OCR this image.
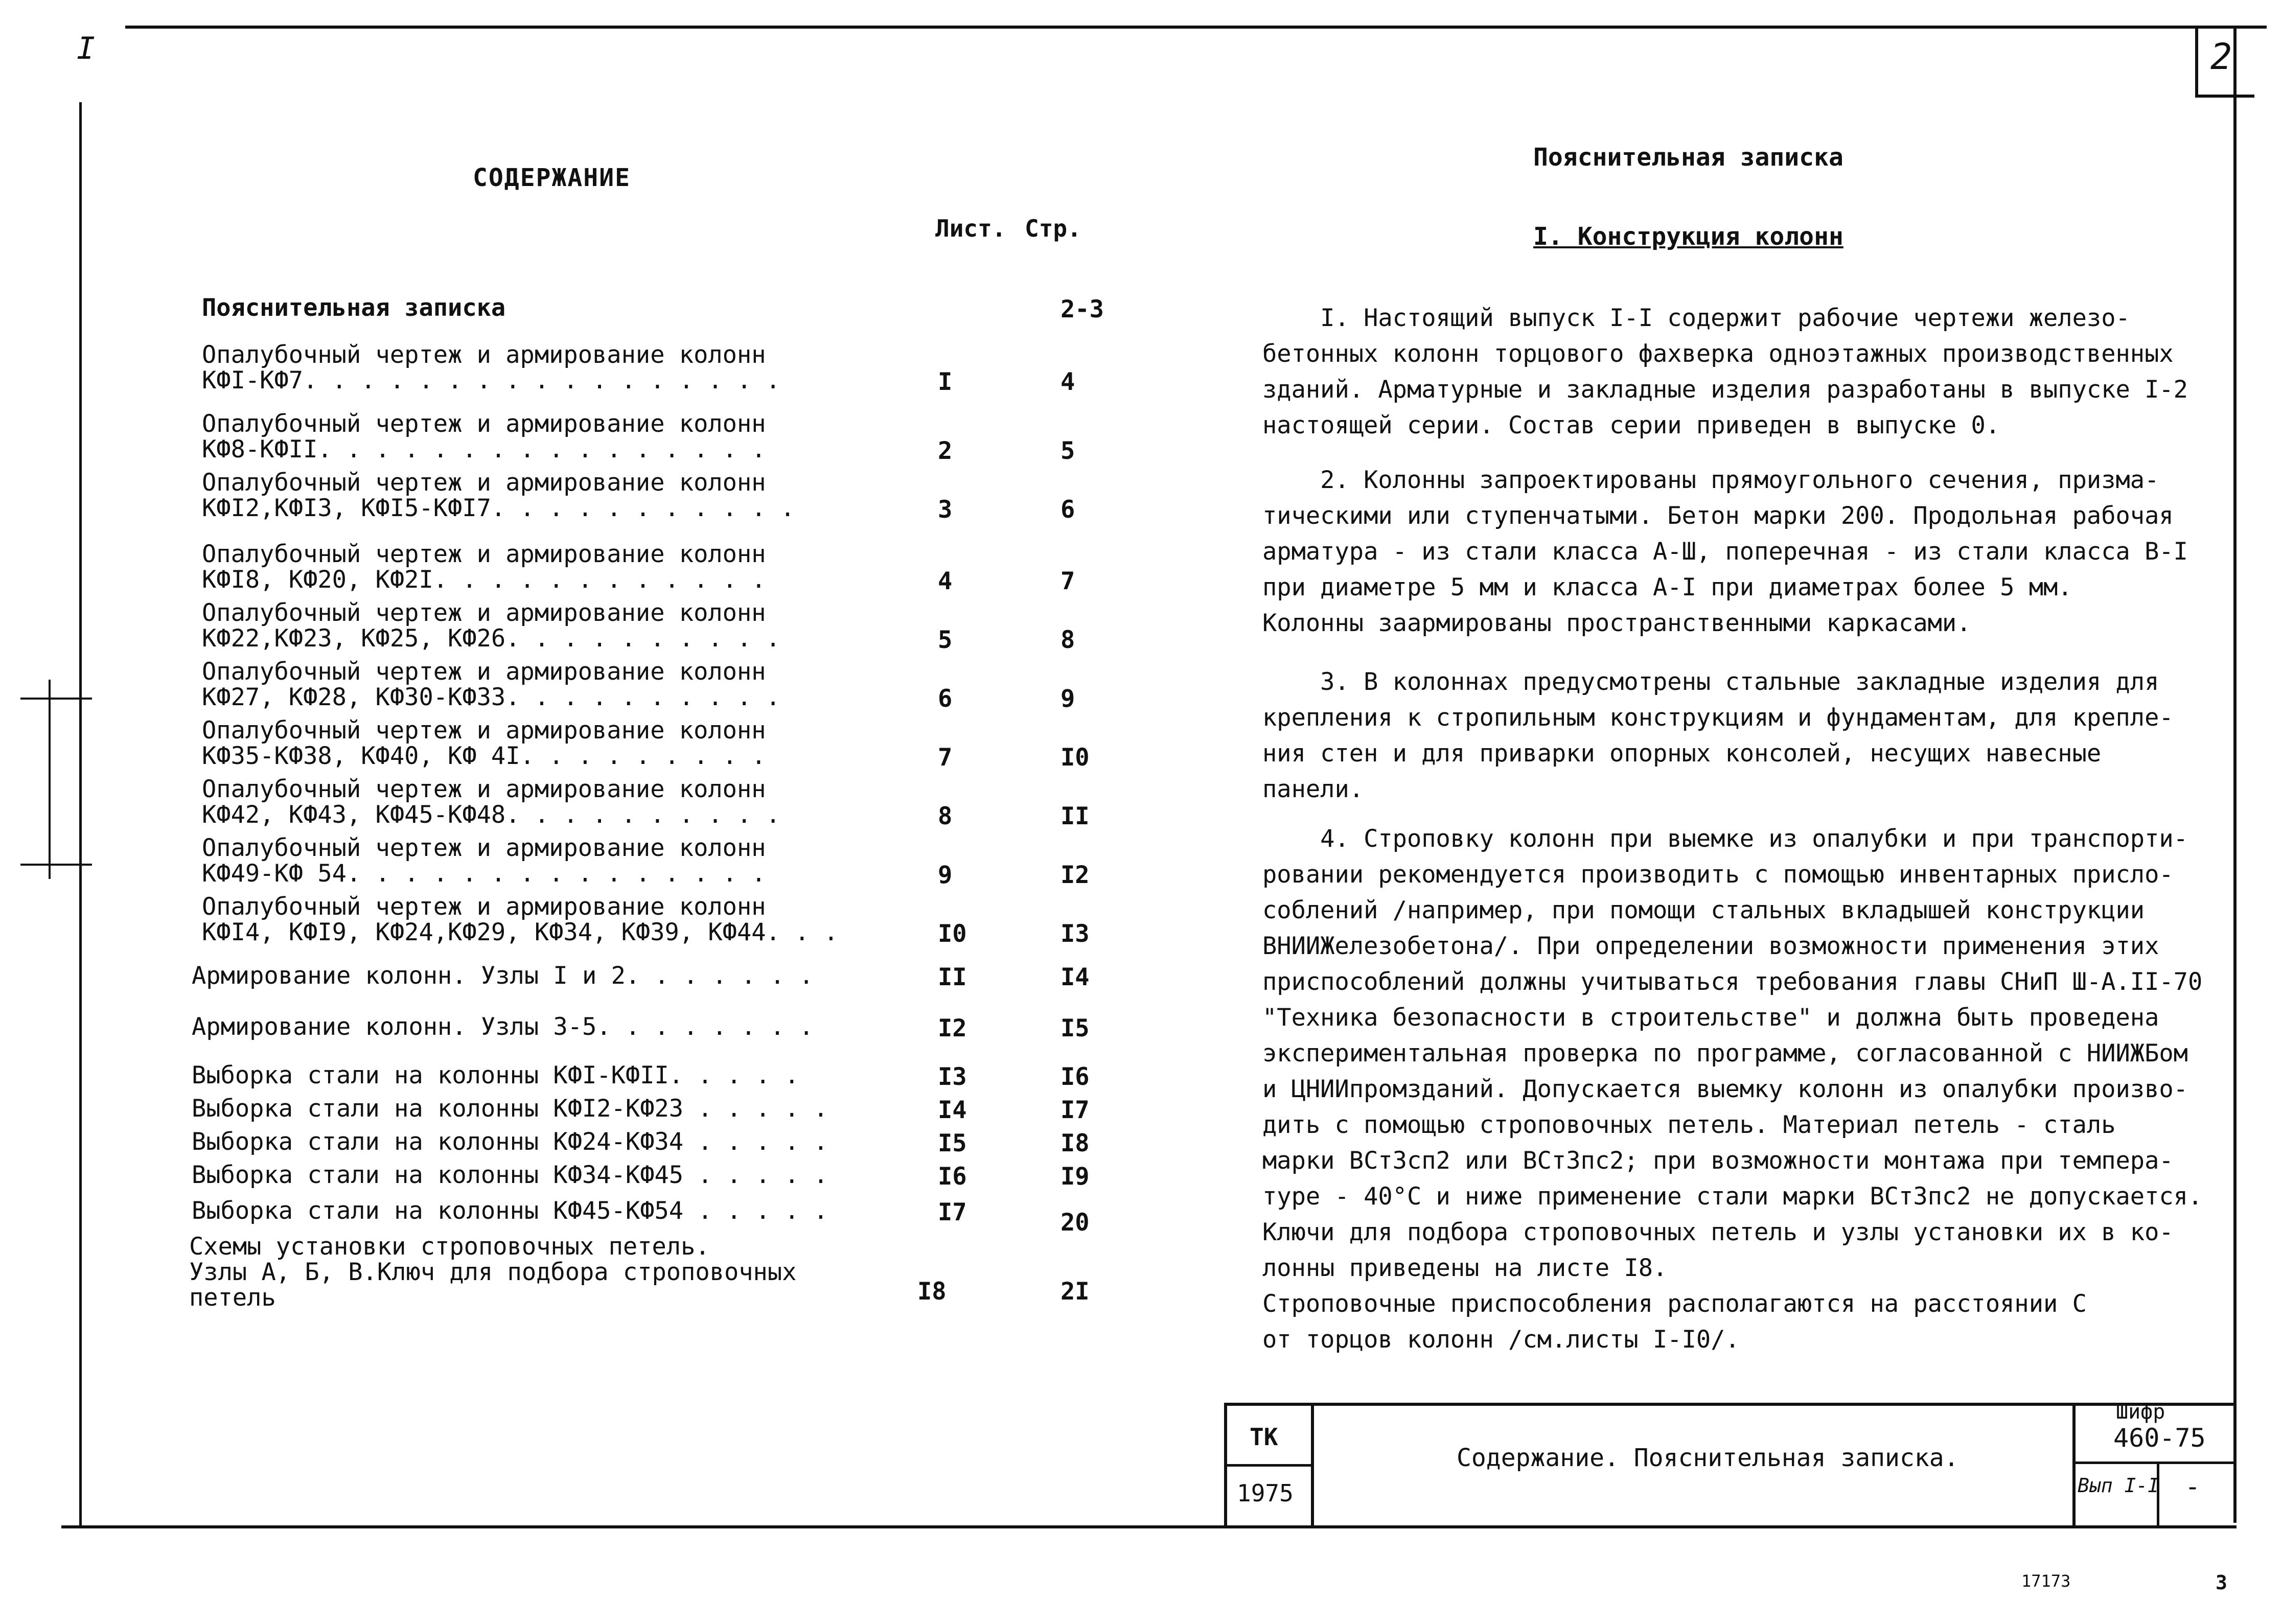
I	2
СОДЕРЖАНИЕ
Лист. Стр.
Пояснительная записка	2-3
Опалубочный чертеж и армирование колонн
КФI-КФ7. . . . . . . . . . . . . . . . .	I	4
Опалубочный чертеж и армирование колонн
КФ8-КФII. . . . . . . . . . . . . . . .	2	5
Опалубочный чертеж и армирование колонн
КФI2,КФI3, КФI5-КФI7. . . . . . . . . . .	3	6
Опалубочный чертеж и армирование колонн
КФI8, КФ20, КФ2I. . . . . . . . . . . .	4	7
Опалубочный чертеж и армирование колонн
КФ22,КФ23, КФ25, КФ26. . . . . . . . . .	5	8
Опалубочный чертеж и армирование колонн
КФ27, КФ28, КФ30-КФ33. . . . . . . . . .	6	9
Опалубочный чертеж и армирование колонн
КФ35-КФ38, КФ40, КФ 4I. . . . . . . . .	7	I0
Опалубочный чертеж и армирование колонн
КФ42, КФ43, КФ45-КФ48. . . . . . . . . .	8	II
Опалубочный чертеж и армирование колонн
КФ49-КФ 54. . . . . . . . . . . . . . .	9	I2
Опалубочный чертеж и армирование колонн
КФI4, КФI9, КФ24,КФ29, КФ34, КФ39, КФ44. . .	I0	I3
Армирование колонн. Узлы I и 2. . . . . . .	II	I4
Армирование колонн. Узлы 3-5. . . . . . . .	I2	I5
Выборка стали на колонны КФI-КФII. . . . .	I3	I6
Выборка стали на колонны КФI2-КФ23 . . . . .	I4	I7
Выборка стали на колонны КФ24-КФ34 . . . . .	I5	I8
Выборка стали на колонны КФ34-КФ45 . . . . .	I6	I9
Выборка стали на колонны КФ45-КФ54 . . . . .	I7	20
Схемы установки строповочных петель.
Узлы А, Б, В.Ключ для подбора строповочных
петель	I8	2I
Пояснительная записка
I. Конструкция колонн
I. Настоящий выпуск I-I содержит рабочие чертежи железо-
бетонных колонн торцового фахверка одноэтажных производственных
зданий. Арматурные и закладные изделия разработаны в выпуске I-2
настоящей серии. Состав серии приведен в выпуске 0.
2. Колонны запроектированы прямоугольного сечения, призма-
тическими или ступенчатыми. Бетон марки 200. Продольная рабочая
арматура - из стали класса А-Ш, поперечная - из стали класса В-I
при диаметре 5 мм и класса А-I при диаметрах более 5 мм.
Колонны заармированы пространственными каркасами.
3. В колоннах предусмотрены стальные закладные изделия для
крепления к стропильным конструкциям и фундаментам, для крепле-
ния стен и для приварки опорных консолей, несущих навесные
панели.
4. Строповку колонн при выемке из опалубки и при транспорти-
ровании рекомендуется производить с помощью инвентарных присло-
соблений /например, при помощи стальных вкладышей конструкции
ВНИИЖелезобетона/. При определении возможности применения этих
приспособлений должны учитываться требования главы СНиП Ш-А.II-70
"Техника безопасности в строительстве" и должна быть проведена
экспериментальная проверка по программе, согласованной с НИИЖБом
и ЦНИИпромзданий. Допускается выемку колонн из опалубки произво-
дить с помощью строповочных петель. Материал петель - сталь
марки ВСт3сп2 или ВСт3пс2; при возможности монтажа при темпера-
туре - 40°С и ниже применение стали марки ВСт3пс2 не допускается.
Ключи для подбора строповочных петель и узлы установки их в ко-
лонны приведены на листе I8.
Строповочные приспособления располагаются на расстоянии С
от торцов колонн /см.листы I-I0/.
ТК
1975
Содержание. Пояснительная записка.
Шифр
460-75
Вып I-I -
17173	3
